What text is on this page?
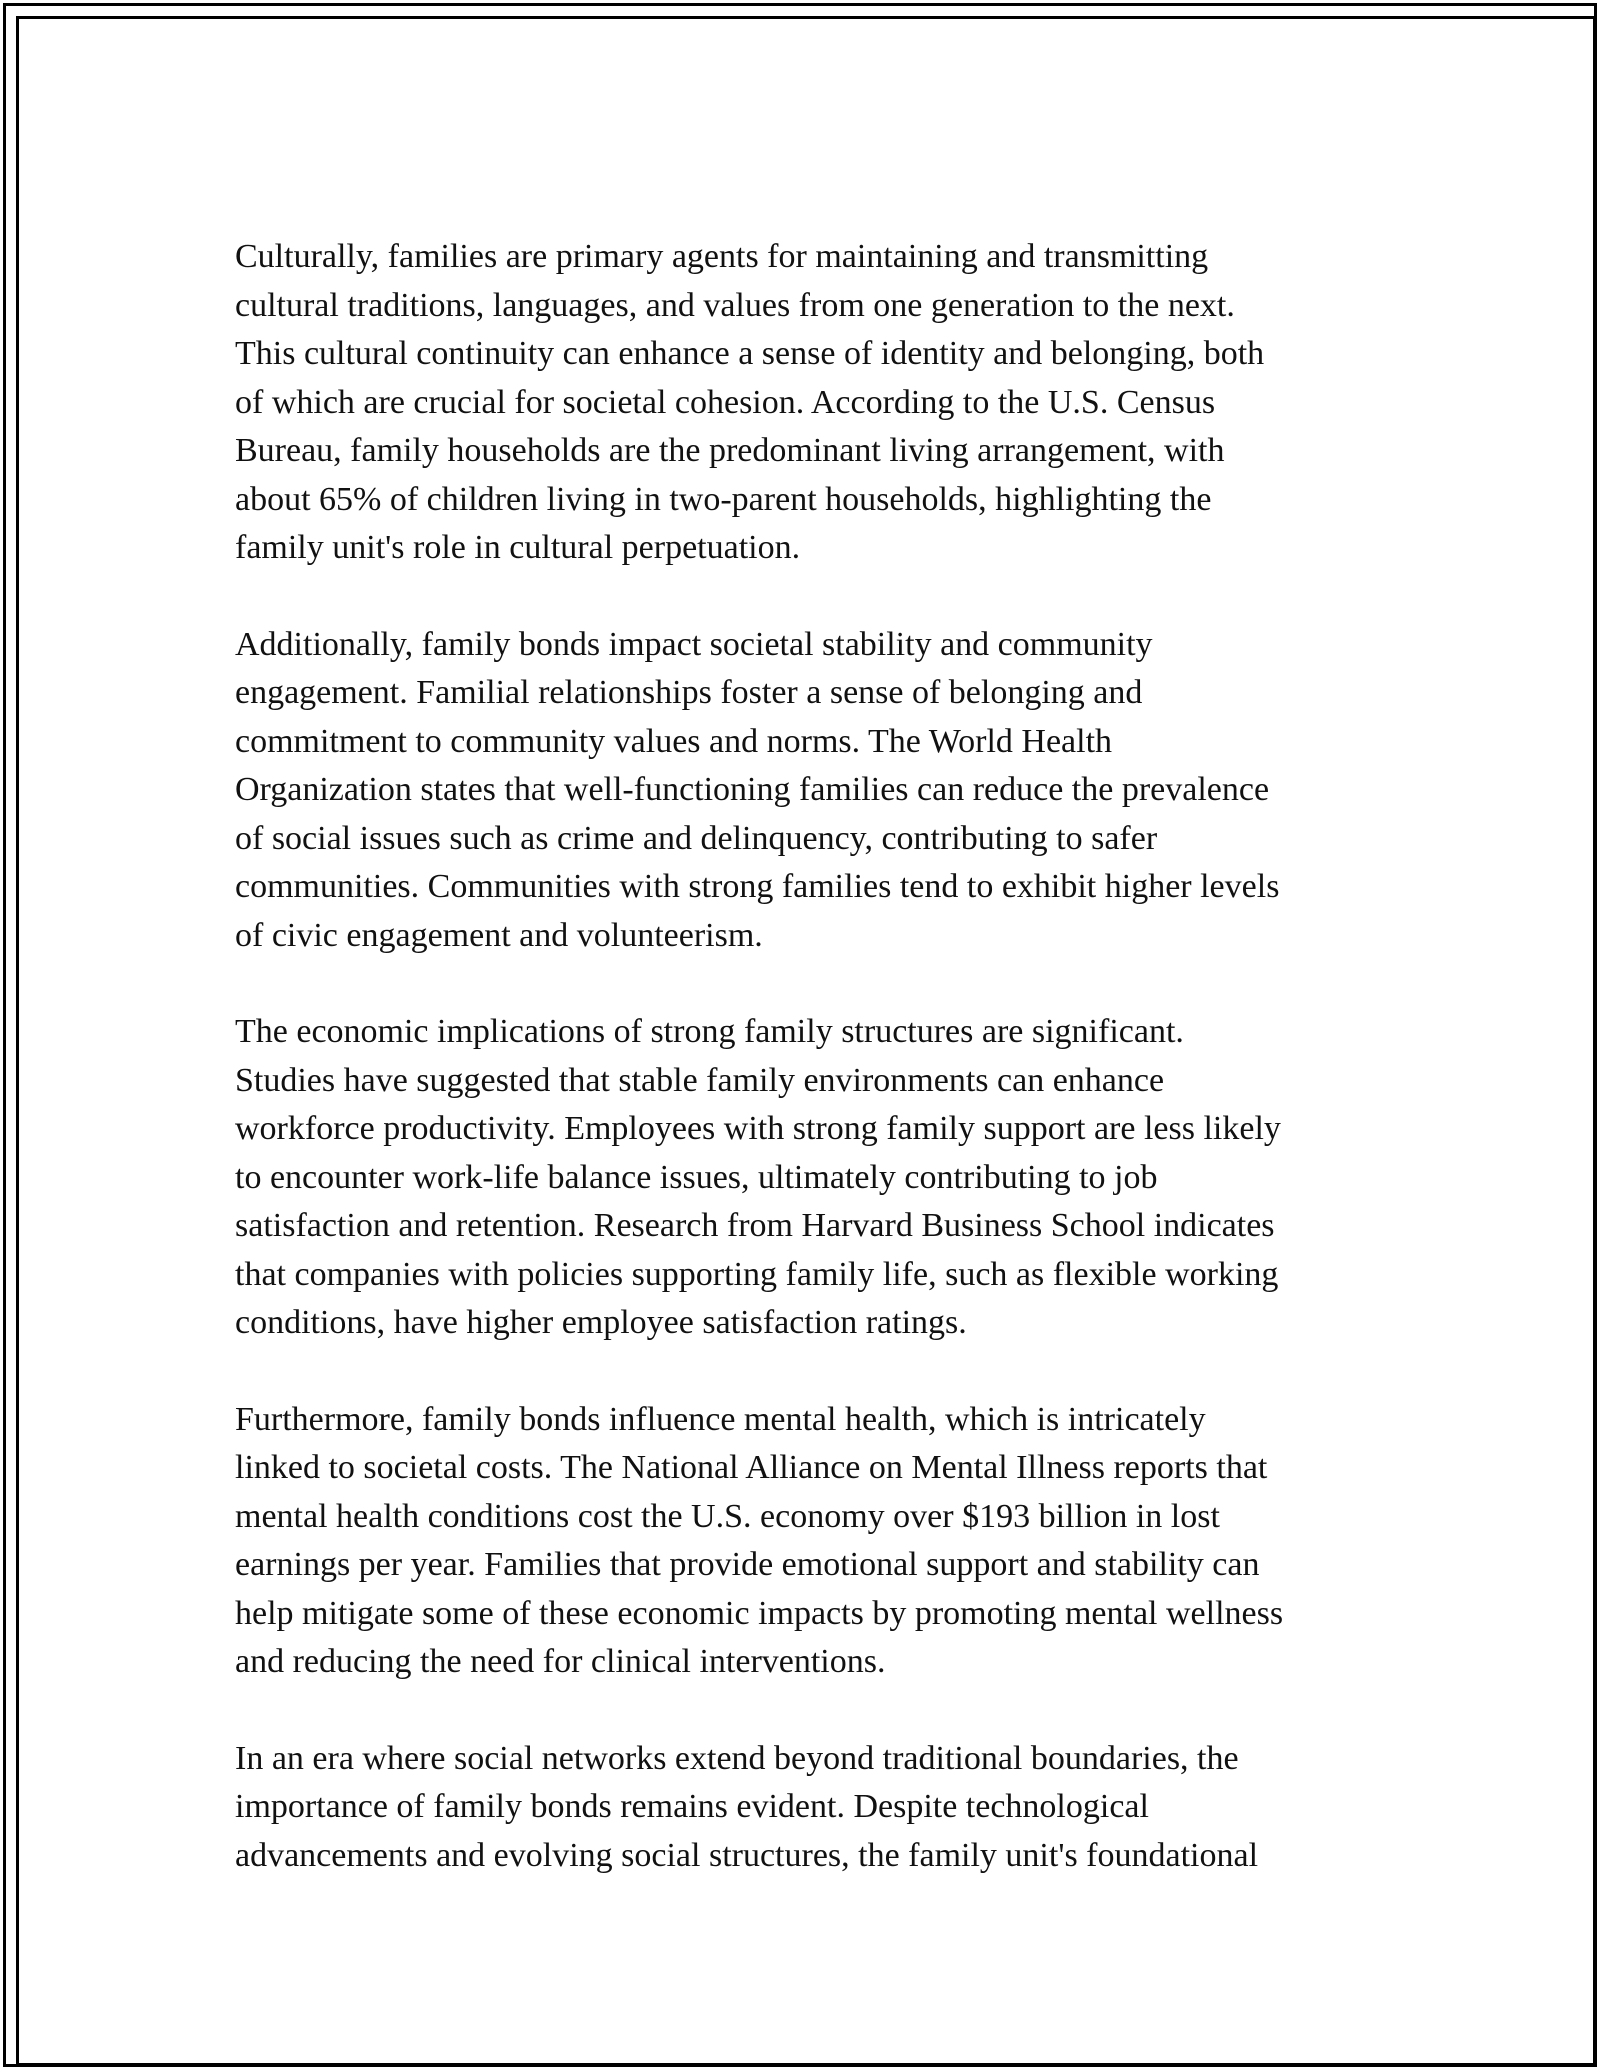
Culturally, families are primary agents for maintaining and transmitting
cultural traditions, languages, and values from one generation to the next.
This cultural continuity can enhance a sense of identity and belonging, both
of which are crucial for societal cohesion. According to the U.S. Census
Bureau, family households are the predominant living arrangement, with
about 65% of children living in two-parent households, highlighting the
family unit's role in cultural perpetuation.

Additionally, family bonds impact societal stability and community
engagement. Familial relationships foster a sense of belonging and
commitment to community values and norms. The World Health
Organization states that well-functioning families can reduce the prevalence
of social issues such as crime and delinquency, contributing to safer
communities. Communities with strong families tend to exhibit higher levels
of civic engagement and volunteerism.

The economic implications of strong family structures are significant.
Studies have suggested that stable family environments can enhance
workforce productivity. Employees with strong family support are less likely
to encounter work-life balance issues, ultimately contributing to job
satisfaction and retention. Research from Harvard Business School indicates
that companies with policies supporting family life, such as flexible working
conditions, have higher employee satisfaction ratings.

Furthermore, family bonds influence mental health, which is intricately
linked to societal costs. The National Alliance on Mental Illness reports that
mental health conditions cost the U.S. economy over $193 billion in lost
earnings per year. Families that provide emotional support and stability can
help mitigate some of these economic impacts by promoting mental wellness
and reducing the need for clinical interventions.

In an era where social networks extend beyond traditional boundaries, the
importance of family bonds remains evident. Despite technological
advancements and evolving social structures, the family unit's foundational
